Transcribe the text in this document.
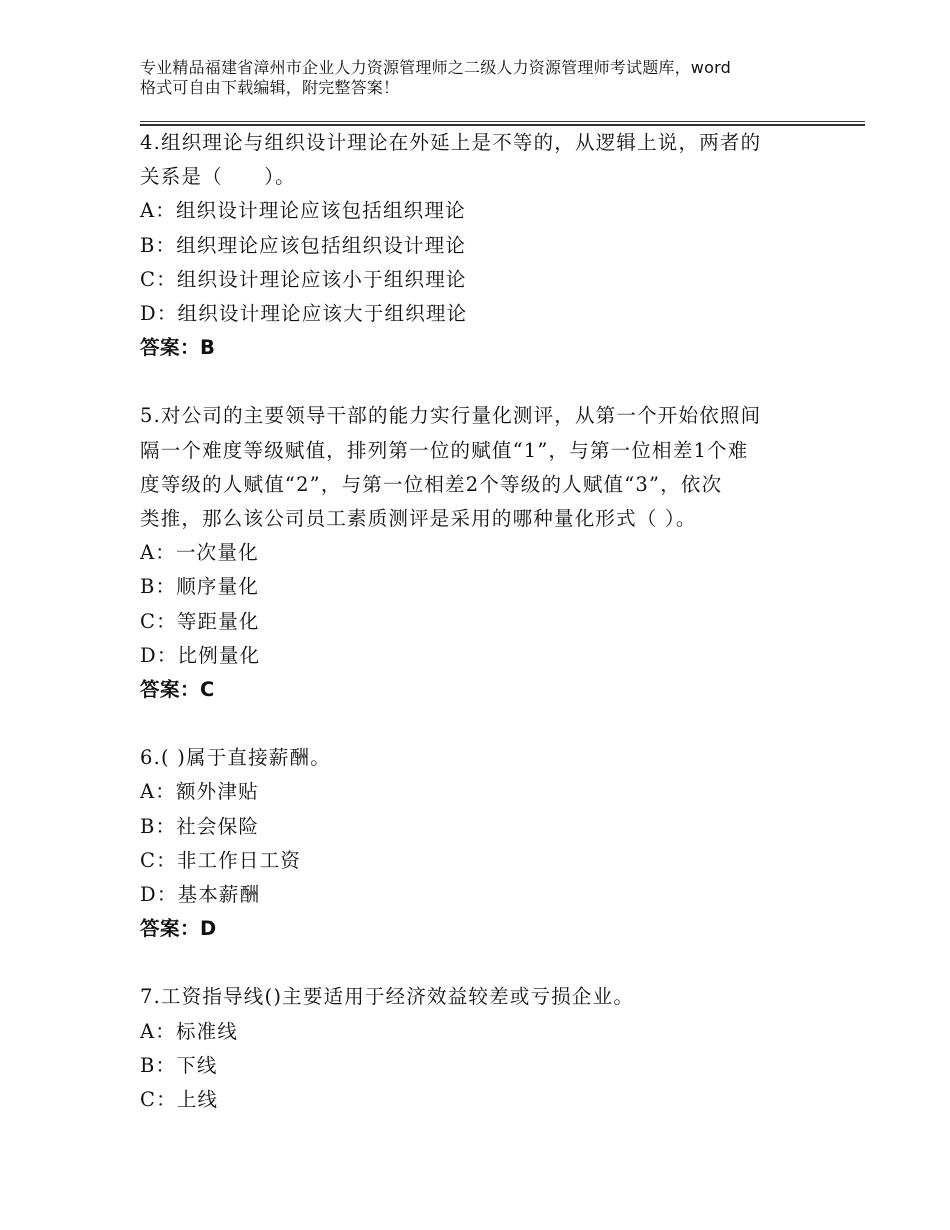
专业精品福建省漳州市企业人力资源管理师之二级人力资源管理师考试题库，word
格式可自由下载编辑，附完整答案！
4.组织理论与组织设计理论在外延上是不等的，从逻辑上说，两者的
关系是（　　）。
A：组织设计理论应该包括组织理论
B：组织理论应该包括组织设计理论
C：组织设计理论应该小于组织理论
D：组织设计理论应该大于组织理论
答案：B
5.对公司的主要领导干部的能力实行量化测评，从第一个开始依照间
隔一个难度等级赋值，排列第一位的赋值“1”，与第一位相差1个难
度等级的人赋值“2”，与第一位相差2个等级的人赋值“3”，依次
类推，那么该公司员工素质测评是采用的哪种量化形式（ ）。
A：一次量化
B：顺序量化
C：等距量化
D：比例量化
答案：C
6.( )属于直接薪酬。
A：额外津贴
B：社会保险
C：非工作日工资
D：基本薪酬
答案：D
7.工资指导线()主要适用于经济效益较差或亏损企业。
A：标准线
B：下线
C：上线
